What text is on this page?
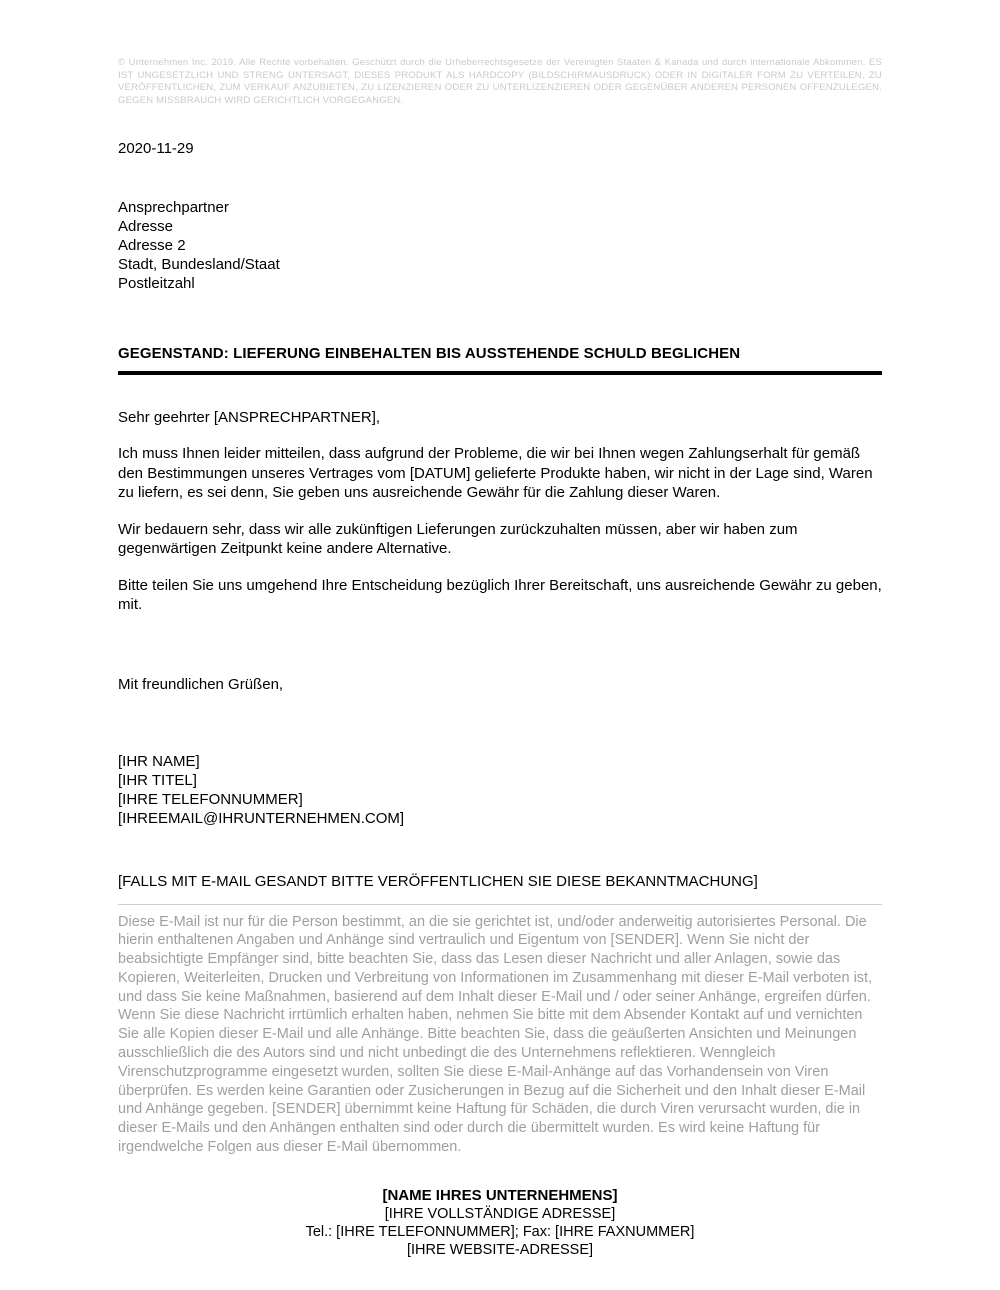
© Unternehmen Inc. 2019. Alle Rechte vorbehalten. Geschützt durch die Urheberrechtsgesetze der Vereinigten Staaten & Kanada und durch internationale Abkommen. ES IST UNGESETZLICH UND STRENG UNTERSAGT, DIESES PRODUKT ALS HARDCOPY (BILDSCHIRMAUSDRUCK) ODER IN DIGITALER FORM ZU VERTEILEN, ZU VERÖFFENTLICHEN, ZUM VERKAUF ANZUBIETEN, ZU LIZENZIEREN ODER ZU UNTERLIZENZIEREN ODER GEGENÜBER ANDEREN PERSONEN OFFENZULEGEN. GEGEN MISSBRAUCH WIRD GERICHTLICH VORGEGANGEN.
2020-11-29
Ansprechpartner
Adresse
Adresse 2
Stadt, Bundesland/Staat
Postleitzahl
GEGENSTAND: LIEFERUNG EINBEHALTEN BIS AUSSTEHENDE SCHULD BEGLICHEN
Sehr geehrter [ANSPRECHPARTNER],
Ich muss Ihnen leider mitteilen, dass aufgrund der Probleme, die wir bei Ihnen wegen Zahlungserhalt für gemäß den Bestimmungen unseres Vertrages vom [DATUM] gelieferte Produkte haben, wir nicht in der Lage sind, Waren zu liefern, es sei denn, Sie geben uns ausreichende Gewähr für die Zahlung dieser Waren.
Wir bedauern sehr, dass wir alle zukünftigen Lieferungen zurückzuhalten müssen, aber wir haben zum gegenwärtigen Zeitpunkt keine andere Alternative.
Bitte teilen Sie uns umgehend Ihre Entscheidung bezüglich Ihrer Bereitschaft, uns ausreichende Gewähr zu geben, mit.
Mit freundlichen Grüßen,
[IHR NAME]
[IHR TITEL]
[IHRE TELEFONNUMMER]
[IHREEMAIL@IHRUNTERNEHMEN.COM]
[FALLS MIT E-MAIL GESANDT BITTE VERÖFFENTLICHEN SIE DIESE BEKANNTMACHUNG]
Diese E-Mail ist nur für die Person bestimmt, an die sie gerichtet ist, und/oder anderweitig autorisiertes Personal. Die hierin enthaltenen Angaben und Anhänge sind vertraulich und Eigentum von [SENDER]. Wenn Sie nicht der beabsichtigte Empfänger sind, bitte beachten Sie, dass das Lesen dieser Nachricht und aller Anlagen, sowie das Kopieren, Weiterleiten, Drucken und Verbreitung von Informationen im Zusammenhang mit dieser E-Mail verboten ist, und dass Sie keine Maßnahmen, basierend auf dem Inhalt dieser E-Mail und / oder seiner Anhänge, ergreifen dürfen. Wenn Sie diese Nachricht irrtümlich erhalten haben, nehmen Sie bitte mit dem Absender Kontakt auf und vernichten Sie alle Kopien dieser E-Mail und alle Anhänge. Bitte beachten Sie, dass die geäußerten Ansichten und Meinungen ausschließlich die des Autors sind und nicht unbedingt die des Unternehmens reflektieren. Wenngleich Virenschutzprogramme eingesetzt wurden, sollten Sie diese E-Mail-Anhänge auf das Vorhandensein von Viren überprüfen. Es werden keine Garantien oder Zusicherungen in Bezug auf die Sicherheit und den Inhalt dieser E-Mail und Anhänge gegeben. [SENDER] übernimmt keine Haftung für Schäden, die durch Viren verursacht wurden, die in dieser E-Mails und den Anhängen enthalten sind oder durch die übermittelt wurden. Es wird keine Haftung für irgendwelche Folgen aus dieser E-Mail übernommen.
[NAME IHRES UNTERNEHMENS]
[IHRE VOLLSTÄNDIGE ADRESSE]
Tel.: [IHRE TELEFONNUMMER]; Fax: [IHRE FAXNUMMER]
[IHRE WEBSITE-ADRESSE]
